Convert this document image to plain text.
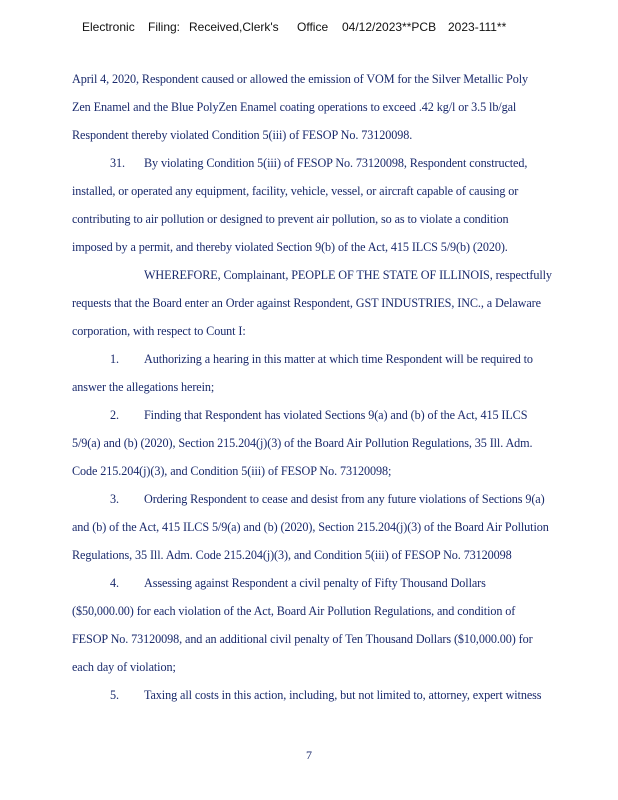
Electronic Filing: Received,Clerk's Office 04/12/2023**PCB 2023-111**
April 4, 2020, Respondent caused or allowed the emission of VOM for the Silver Metallic Poly
Zen Enamel and the Blue PolyZen Enamel coating operations to exceed .42 kg/l or 3.5 lb/gal
Respondent thereby violated Condition 5(iii) of FESOP No. 73120098.
31. By violating Condition 5(iii) of FESOP No. 73120098, Respondent constructed,
installed, or operated any equipment, facility, vehicle, vessel, or aircraft capable of causing or
contributing to air pollution or designed to prevent air pollution, so as to violate a condition
imposed by a permit, and thereby violated Section 9(b) of the Act, 415 ILCS 5/9(b) (2020).
WHEREFORE, Complainant, PEOPLE OF THE STATE OF ILLINOIS, respectfully
requests that the Board enter an Order against Respondent, GST INDUSTRIES, INC., a Delaware
corporation, with respect to Count I:
1. Authorizing a hearing in this matter at which time Respondent will be required to
answer the allegations herein;
2. Finding that Respondent has violated Sections 9(a) and (b) of the Act, 415 ILCS
5/9(a) and (b) (2020), Section 215.204(j)(3) of the Board Air Pollution Regulations, 35 Ill. Adm.
Code 215.204(j)(3), and Condition 5(iii) of FESOP No. 73120098;
3. Ordering Respondent to cease and desist from any future violations of Sections 9(a)
and (b) of the Act, 415 ILCS 5/9(a) and (b) (2020), Section 215.204(j)(3) of the Board Air Pollution
Regulations, 35 Ill. Adm. Code 215.204(j)(3), and Condition 5(iii) of FESOP No. 73120098
4. Assessing against Respondent a civil penalty of Fifty Thousand Dollars
($50,000.00) for each violation of the Act, Board Air Pollution Regulations, and condition of
FESOP No. 73120098, and an additional civil penalty of Ten Thousand Dollars ($10,000.00) for
each day of violation;
5. Taxing all costs in this action, including, but not limited to, attorney, expert witness
7
